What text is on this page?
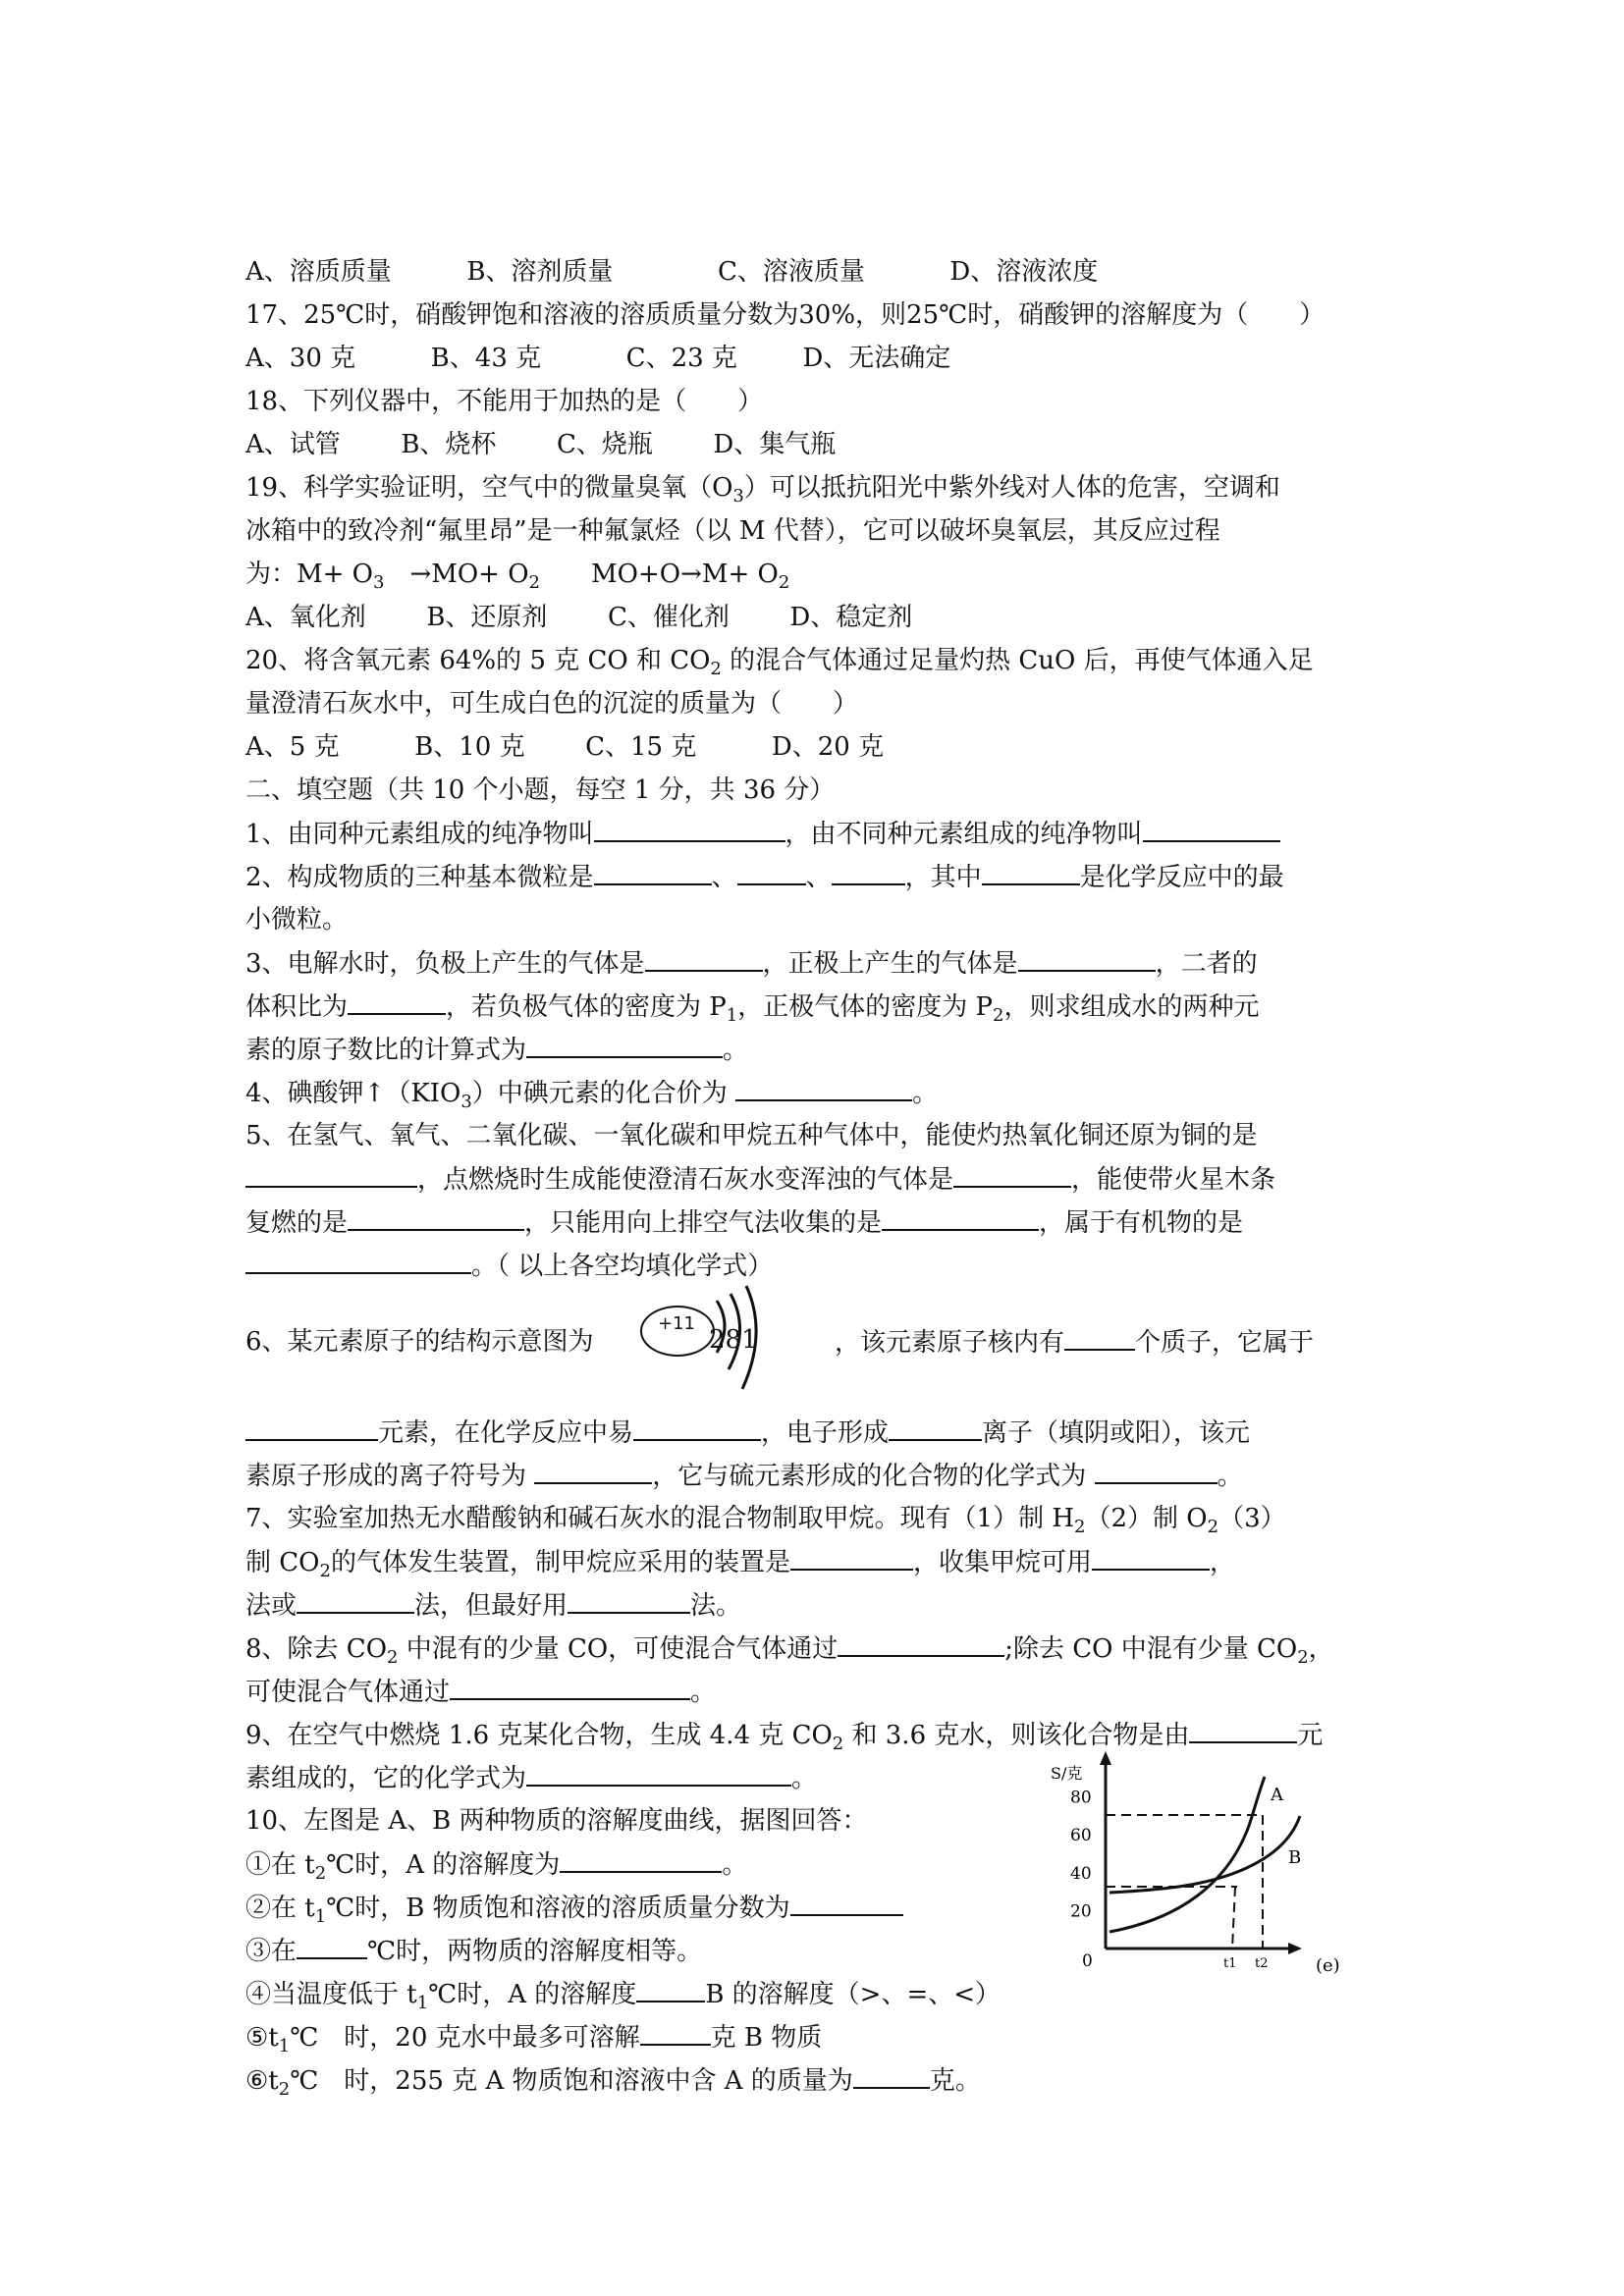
A、溶质质量	B、溶剂质量	C、溶液质量	D、溶液浓度
17、25℃时，硝酸钾饱和溶液的溶质质量分数为30%，则25℃时，硝酸钾的溶解度为（　　）
A、30 克	B、43 克	C、23 克	D、无法确定
18、下列仪器中，不能用于加热的是（　　）
A、试管 B、烧杯 C、烧瓶 D、集气瓶
19、科学实验证明，空气中的微量臭氧$(O_3)$可以抵抗阳光中紫外线对人体的危害，空调和
冰箱中的致冷剂“氟里昂”是一种氟氯烃（以 M 代替），它可以破坏臭氧层，其反应过程
为：$M+ O_3$　$\to MO+ O_2$　　$MO+O\to M+ O_2$
A、氧化剂 B、还原剂 C、催化剂 D、稳定剂
20、将含氧元素 64%的 5 克 CO 和 $CO_2$ 的混合气体通过足量灼热 CuO 后，再使气体通入足
量澄清石灰水中，可生成白色的沉淀的质量为（　　）
A、5 克	B、10 克 C、15 克	D、20 克
二、填空题（共 10 个小题，每空 1 分，共 36 分）
1、由同种元素组成的纯净物叫	，由不同种元素组成的纯净物叫
2、构成物质的三种基本微粒是	、	、	，其中	是化学反应中的最
小微粒。
3、电解水时，负极上产生的气体是	，正极上产生的气体是	，二者的
体积比为	，若负极气体的密度为 $P_1$，正极气体的密度为 $P_2$，则求组成水的两种元
素的原子数比的计算式为	。
4、碘酸钾$↑(KIO_3)$中碘元素的化合价为	。
5、在氢气、氧气、二氧化碳、一氧化碳和甲烷五种气体中，能使灼热氧化铜还原为铜的是
，点燃烧时生成能使澄清石灰水变浑浊的气体是	，能使带火星木条
复燃的是	，只能用向上排空气法收集的是	，属于有机物的是
。（ 以上各空均填化学式）
6、某元素原子的结构示意图为
+11
281	，该元素原子核内有	个质子，它属于
元素，在化学反应中易	，电子形成	离子（填阴或阳），该元
素原子形成的离子符号为	，它与硫元素形成的化合物的化学式为	。
7、实验室加热无水醋酸钠和碱石灰水的混合物制取甲烷。现有（1）制 $H_2(2)$制 $O_2(3)$
制 $CO_2$的气体发生装置，制甲烷应采用的装置是	，收集甲烷可用	，
法或	法，但最好用	法。
8、除去 $CO_2$ 中混有的少量 CO，可使混合气体通过	;除去 CO 中混有少量 $CO_2$，
可使混合气体通过	。
9、在空气中燃烧 1.6 克某化合物，生成 4.4 克 $CO_2$ 和 3.6 克水，则该化合物是由	元
素组成的，它的化学式为	。
10、左图是 A、B 两种物质的溶解度曲线，据图回答：
①在 $t_2℃$时，A 的溶解度为	。
②在 $t_1℃$时，B 物质饱和溶液的溶质质量分数为
③在	℃时，两物质的溶解度相等。
④当温度低于 $t_1℃$时，A 的溶解度	B 的溶解度（>、=、<）
$⑤t_1℃$　时，20 克水中最多可溶解	克 B 物质
$⑥t_2℃$　时，255 克 A 物质饱和溶液中含 A 的质量为	克。
S/克
(e)
80
60
40
20
0
A
B
t1 t2
